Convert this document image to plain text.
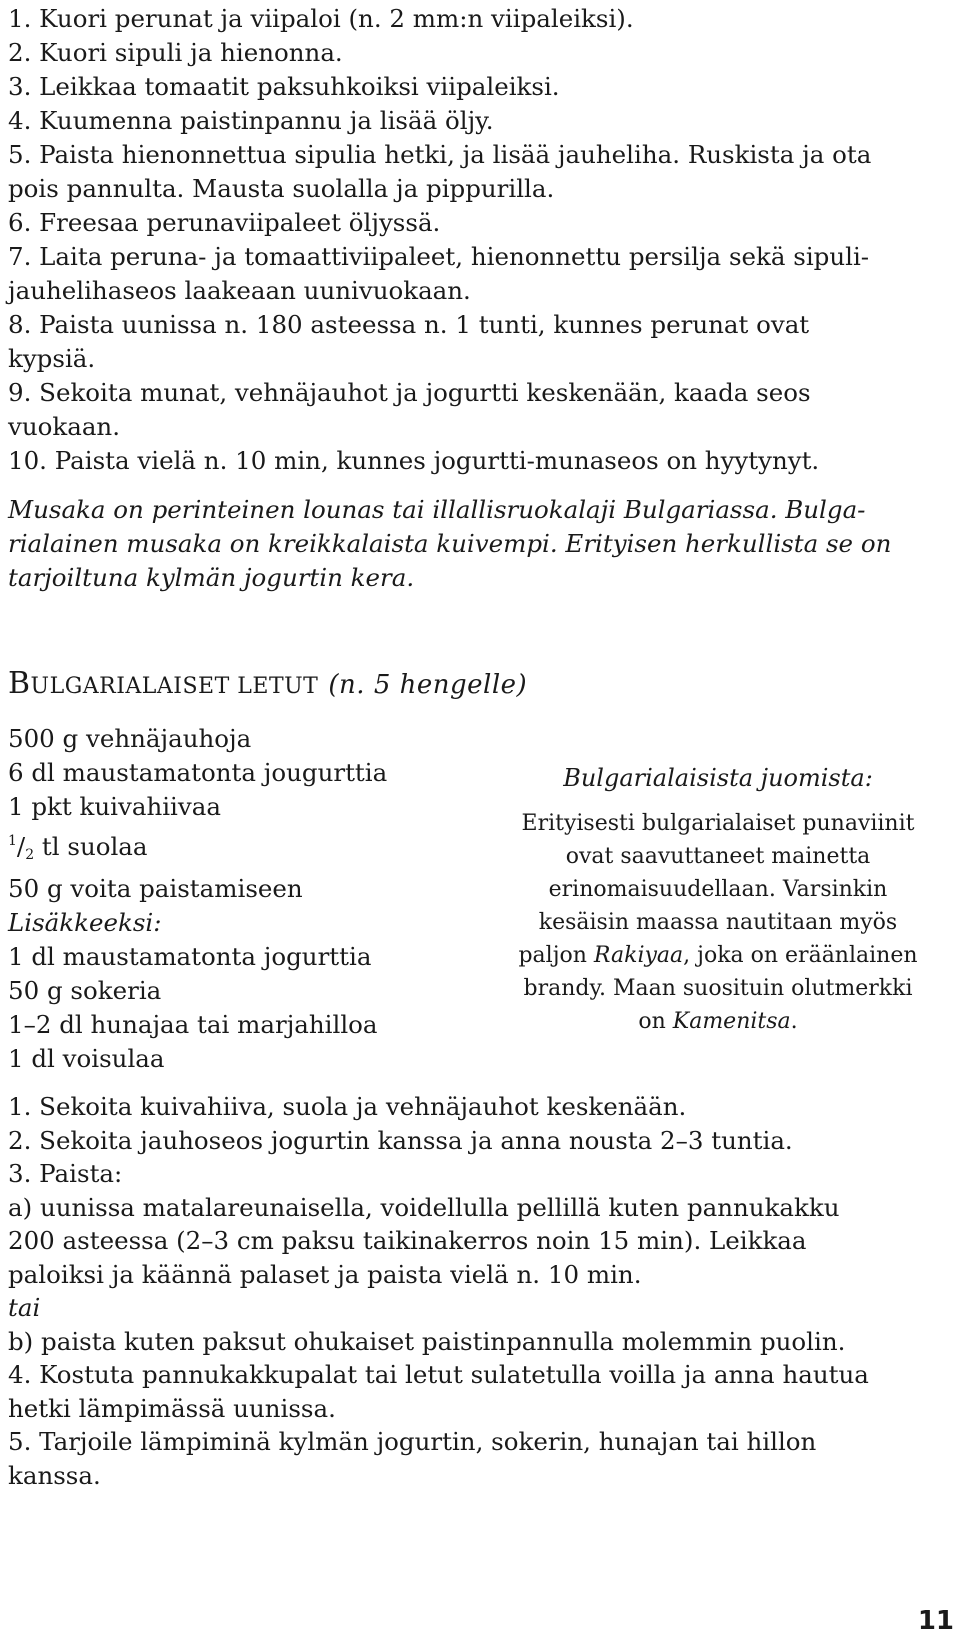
1. Kuori perunat ja viipaloi (n. 2 mm:n viipaleiksi).
2. Kuori sipuli ja hienonna.
3. Leikkaa tomaatit paksuhkoiksi viipaleiksi.
4. Kuumenna paistinpannu ja lisää öljy.
5. Paista hienonnettua sipulia hetki, ja lisää jauheliha. Ruskista ja ota
pois pannulta. Mausta suolalla ja pippurilla.
6. Freesaa perunaviipaleet öljyssä.
7. Laita peruna- ja tomaattiviipaleet, hienonnettu persilja sekä sipuli-
jauhelihaseos laakeaan uunivuokaan.
8. Paista uunissa n. 180 asteessa n. 1 tunti, kunnes perunat ovat
kypsiä.
9. Sekoita munat, vehnäjauhot ja jogurtti keskenään, kaada seos
vuokaan.
10. Paista vielä n. 10 min, kunnes jogurtti-munaseos on hyytynyt.
Musaka on perinteinen lounas tai illallisruokalaji Bulgariassa. Bulga-
rialainen musaka on kreikkalaista kuivempi. Erityisen herkullista se on
tarjoiltuna kylmän jogurtin kera.
BULGARIALAISET LETUT (n. 5 hengelle)
500 g vehnäjauhoja
6 dl maustamatonta jougurttia
1 pkt kuivahiivaa
$^1/_2$ tl suolaa
50 g voita paistamiseen
Lisäkkeeksi:
1 dl maustamatonta jogurttia
50 g sokeria
1–2 dl hunajaa tai marjahilloa
1 dl voisulaa
Bulgarialaisista juomista:
Erityisesti bulgarialaiset punaviinit
ovat saavuttaneet mainetta
erinomaisuudellaan. Varsinkin
kesäisin maassa nautitaan myös
paljon Rakiyaa, joka on eräänlainen
brandy. Maan suosituin olutmerkki
on Kamenitsa.
1. Sekoita kuivahiiva, suola ja vehnäjauhot keskenään.
2. Sekoita jauhoseos jogurtin kanssa ja anna nousta 2–3 tuntia.
3. Paista:
a) uunissa matalareunaisella, voidellulla pellillä kuten pannukakku
200 asteessa (2–3 cm paksu taikinakerros noin 15 min). Leikkaa
paloiksi ja käännä palaset ja paista vielä n. 10 min.
tai
b) paista kuten paksut ohukaiset paistinpannulla molemmin puolin.
4. Kostuta pannukakkupalat tai letut sulatetulla voilla ja anna hautua
hetki lämpimässä uunissa.
5. Tarjoile lämpiminä kylmän jogurtin, sokerin, hunajan tai hillon
kanssa.
11
